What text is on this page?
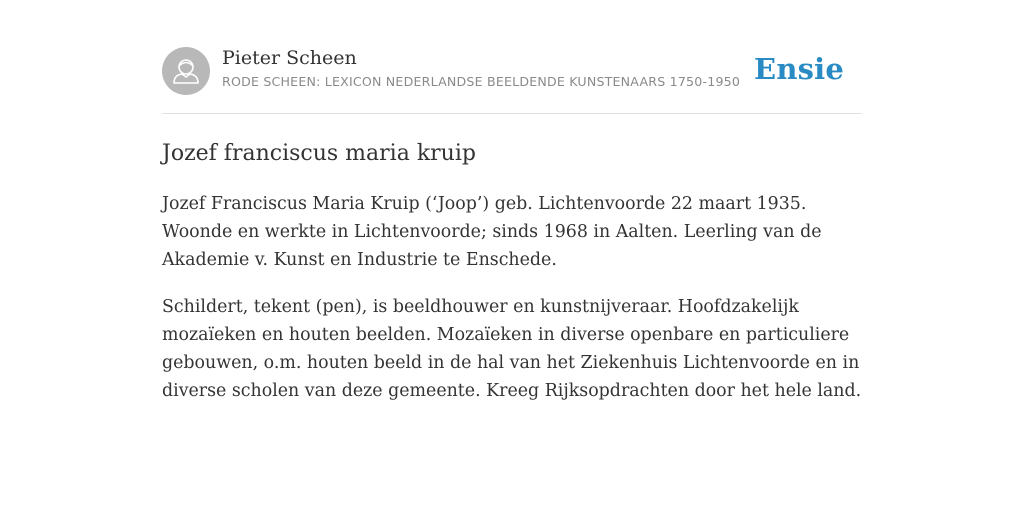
Pieter Scheen
RODE SCHEEN: LEXICON NEDERLANDSE BEELDENDE KUNSTENAARS 1750-1950 Ensie
Jozef franciscus maria kruip

Jozef Franciscus Maria Kruip (‘Joop’) geb. Lichtenvoorde 22 maart 1935. Woonde en werkte in Lichtenvoorde; sinds 1968 in Aalten. Leerling van de Akademie v. Kunst en Industrie te Enschede.

Schildert, tekent (pen), is beeldhouwer en kunstnijveraar. Hoofdzakelijk mozaïeken en houten beelden. Mozaïeken in diverse openbare en particuliere gebouwen, o.m. houten beeld in de hal van het Ziekenhuis Lichtenvoorde en in diverse scholen van deze gemeente. Kreeg Rijksopdrachten door het hele land.
